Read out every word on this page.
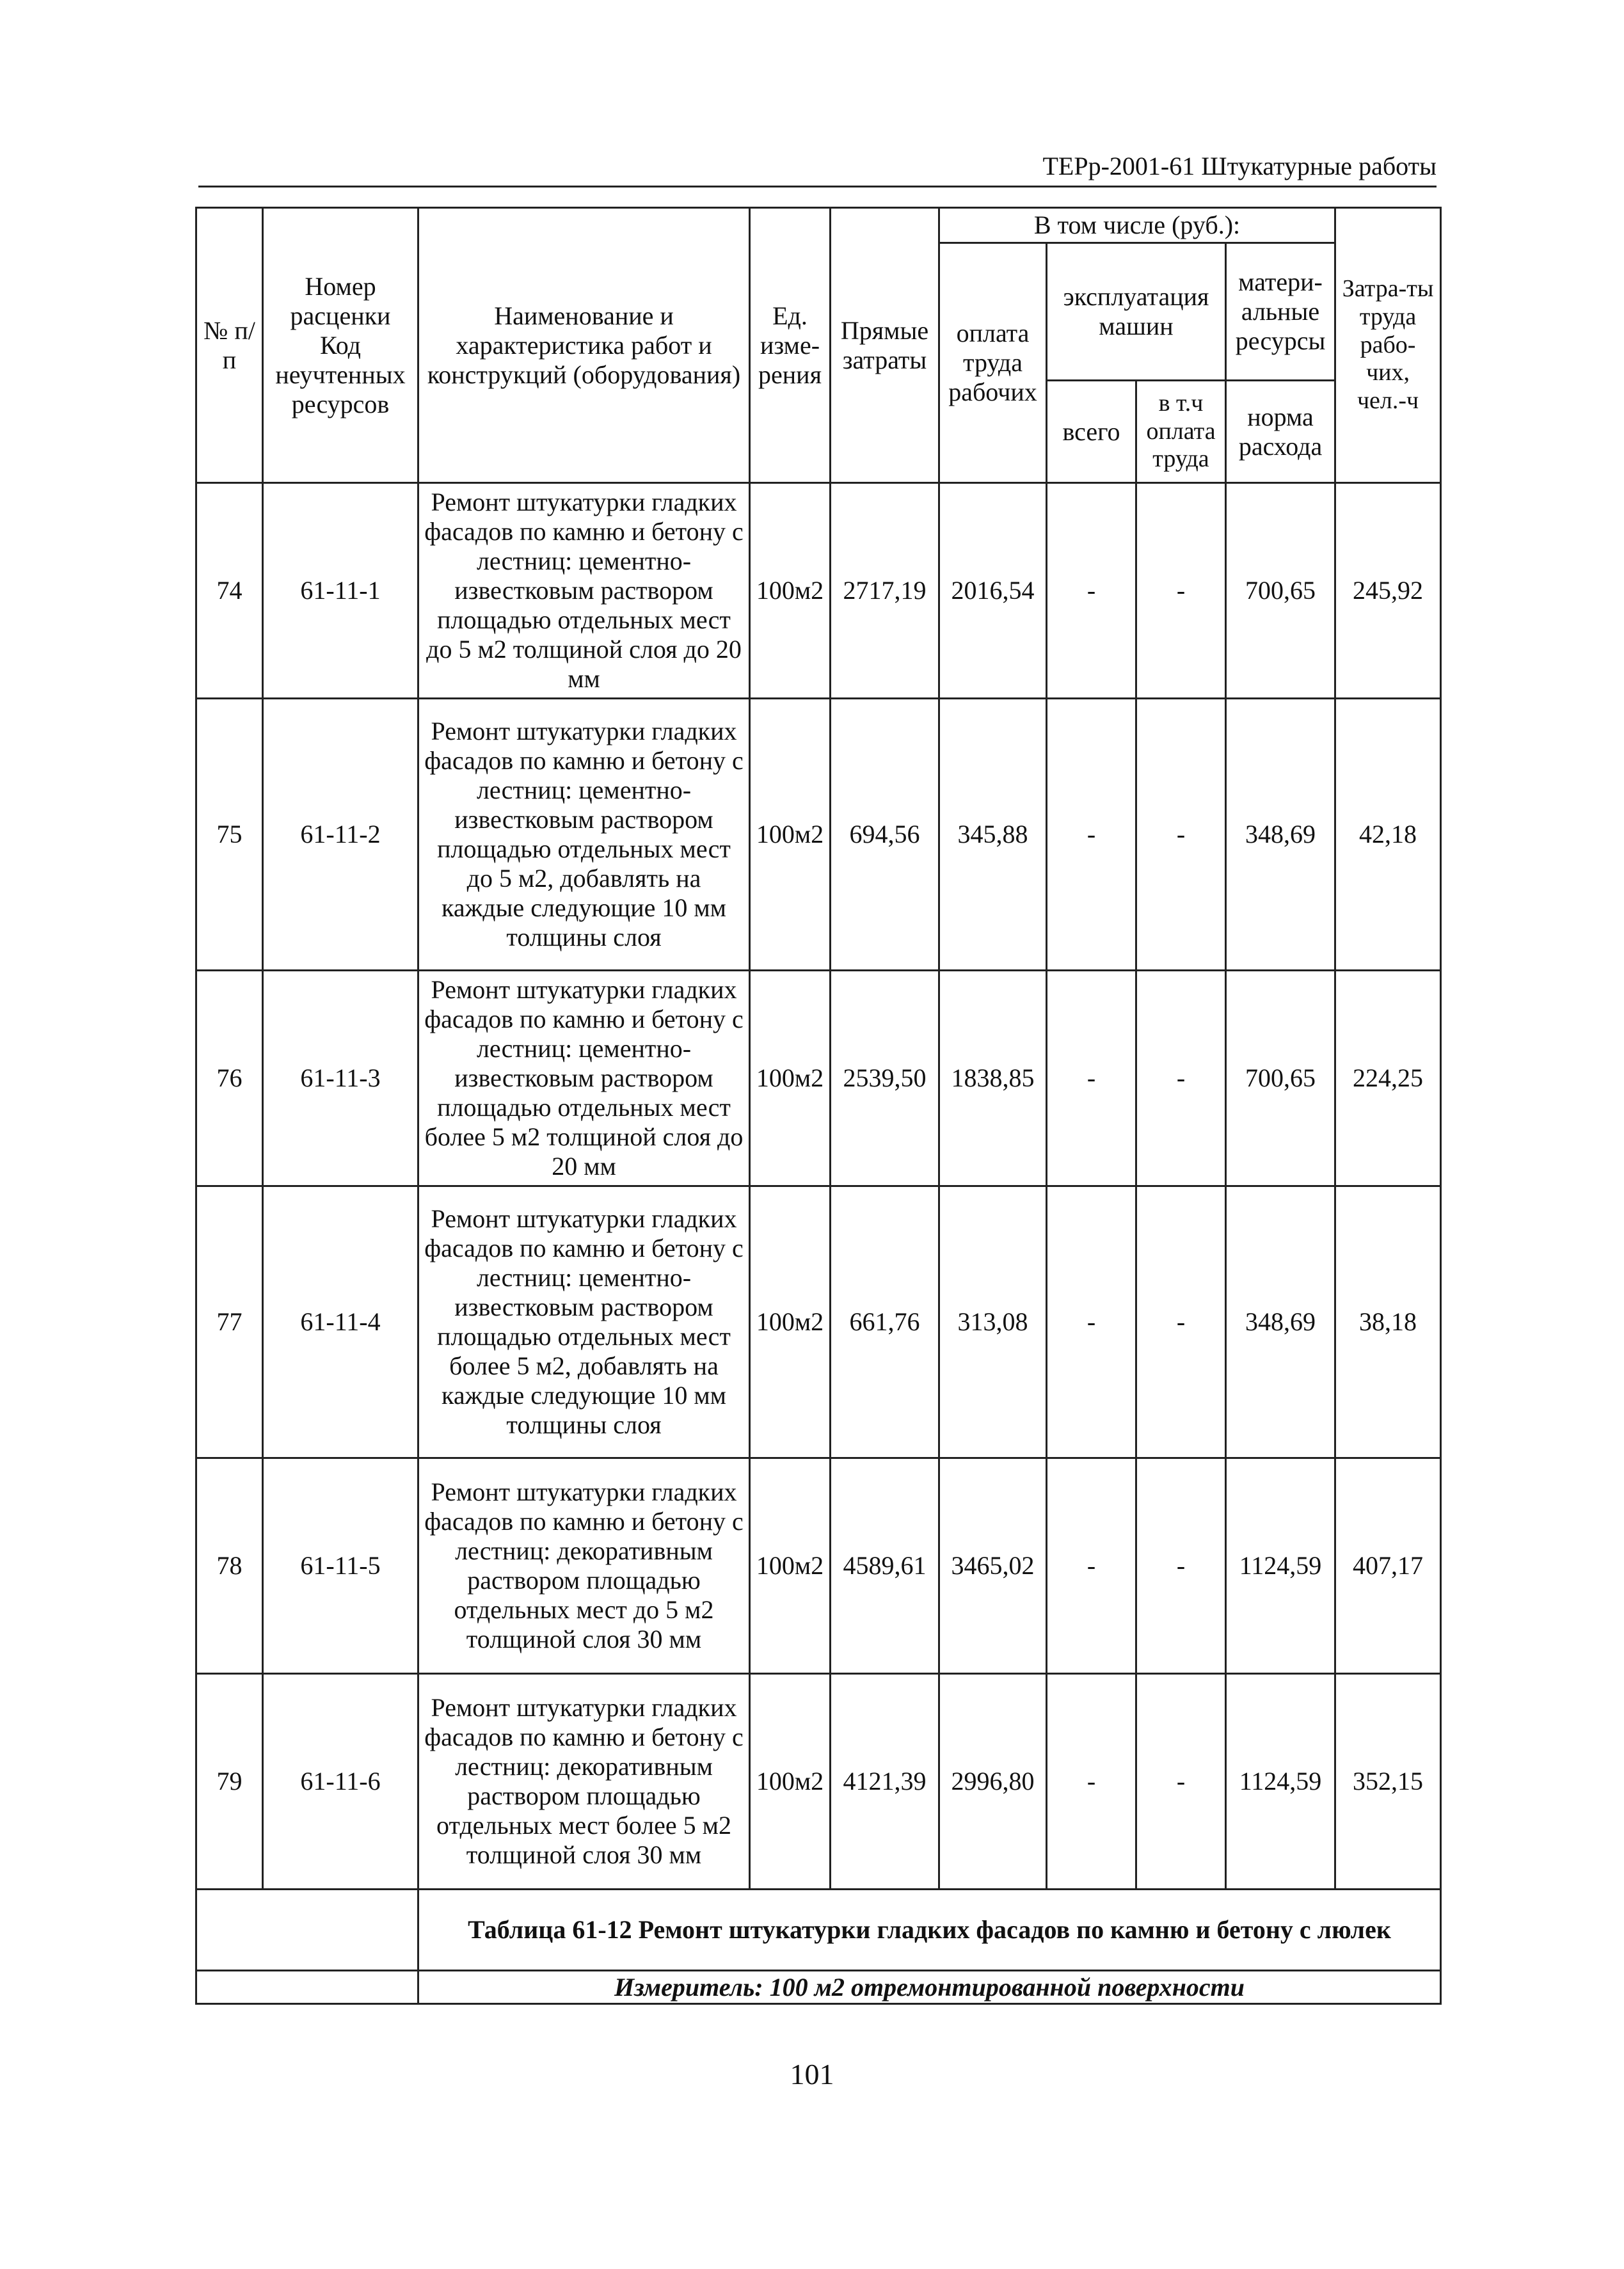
ТЕРр-2001-61 Штукатурные работы
№ п/п	Номер расценки Код неучтенных ресурсов	Наименование и характеристика работ и конструкций (оборудования)	Ед. изме-рения	Прямые затраты	В том числе (руб.):				Затра-ты труда рабо-чих, чел.-ч
					оплата труда рабочих	эксплуатация машин		матери-альные ресурсы	
						всего	в т.ч оплата труда	норма расхода	
74	61-11-1	Ремонт штукатурки гладких фасадов по камню и бетону с лестниц: цементно-известковым раствором площадью отдельных мест до 5 м2 толщиной слоя до 20 мм	100м2	2717,19	2016,54	-	-	700,65	245,92
75	61-11-2	Ремонт штукатурки гладких фасадов по камню и бетону с лестниц: цементно-известковым раствором площадью отдельных мест до 5 м2, добавлять на каждые следующие 10 мм толщины слоя	100м2	694,56	345,88	-	-	348,69	42,18
76	61-11-3	Ремонт штукатурки гладких фасадов по камню и бетону с лестниц: цементно-известковым раствором площадью отдельных мест более 5 м2 толщиной слоя до 20 мм	100м2	2539,50	1838,85	-	-	700,65	224,25
77	61-11-4	Ремонт штукатурки гладких фасадов по камню и бетону с лестниц: цементно-известковым раствором площадью отдельных мест более 5 м2, добавлять на каждые следующие 10 мм толщины слоя	100м2	661,76	313,08	-	-	348,69	38,18
78	61-11-5	Ремонт штукатурки гладких фасадов по камню и бетону с лестниц: декоративным раствором площадью отдельных мест до 5 м2 толщиной слоя 30 мм	100м2	4589,61	3465,02	-	-	1124,59	407,17
79	61-11-6	Ремонт штукатурки гладких фасадов по камню и бетону с лестниц: декоративным раствором площадью отдельных мест более 5 м2 толщиной слоя 30 мм	100м2	4121,39	2996,80	-	-	1124,59	352,15
		Таблица 61-12 Ремонт штукатурки гладких фасадов по камню и бетону с люлек							
		Измеритель: 100 м2 отремонтированной поверхности							
101
